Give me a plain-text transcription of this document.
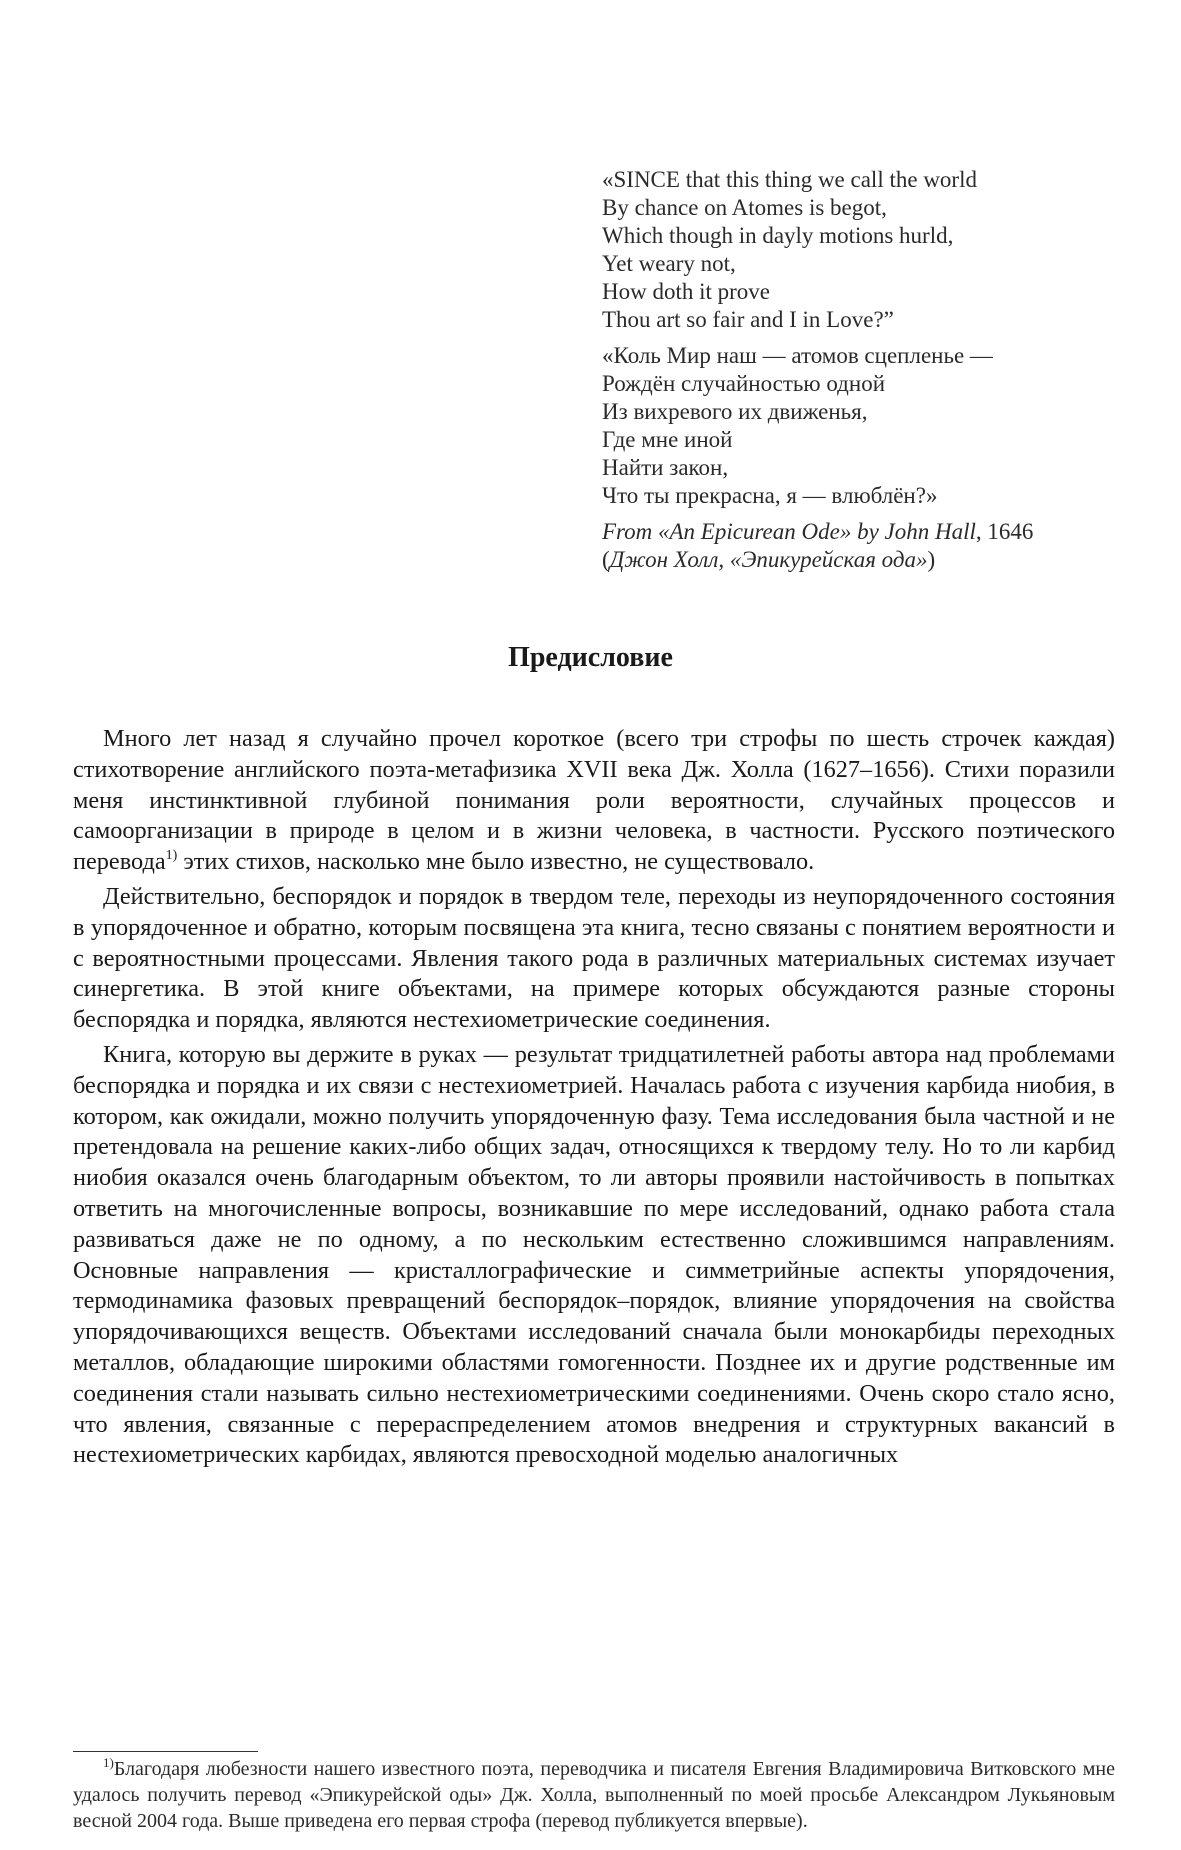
«SINCE that this thing we call the world
By chance on Atomes is begot,
Which though in dayly motions hurld,
Yet weary not,
How doth it prove
Thou art so fair and I in Love?”
«Коль Мир наш — атомов сцепленье —
Рождён случайностью одной
Из вихревого их движенья,
Где мне иной
Найти закон,
Что ты прекрасна, я — влюблён?»
From «An Epicurean Ode» by John Hall, 1646
(Джон Холл, «Эпикурейская ода»)
Предисловие

Много лет назад я случайно прочел короткое (всего три строфы по шесть строчек каждая) стихотворение английского поэта-метафизика XVII века Дж. Холла (1627–1656). Стихи поразили меня инстинктивной глубиной понимания роли вероятности, случайных процессов и самоорганизации в природе в целом и в жизни человека, в частности. Русского поэтического перевода$^{1)}$ этих стихов, насколько мне было известно, не существовало.

Действительно, беспорядок и порядок в твердом теле, переходы из неупорядоченного состояния в упорядоченное и обратно, которым посвящена эта книга, тесно связаны с понятием вероятности и с вероятностными процессами. Явления такого рода в различных материальных системах изучает синергетика. В этой книге объектами, на примере которых обсуждаются разные стороны беспорядка и порядка, являются нестехиометрические соединения.

Книга, которую вы держите в руках — результат тридцатилетней работы автора над проблемами беспорядка и порядка и их связи с нестехиометрией. Началась работа с изучения карбида ниобия, в котором, как ожидали, можно получить упорядоченную фазу. Тема исследования была частной и не претендовала на решение каких-либо общих задач, относящихся к твердому телу. Но то ли карбид ниобия оказался очень благодарным объектом, то ли авторы проявили настойчивость в попытках ответить на многочисленные вопросы, возникавшие по мере исследований, однако работа стала развиваться даже не по одному, а по нескольким естественно сложившимся направлениям. Основные направления — кристаллографические и симметрийные аспекты упорядочения, термодинамика фазовых превращений беспорядок–порядок, влияние упорядочения на свойства упорядочивающихся веществ. Объектами исследований сначала были монокарбиды переходных металлов, обладающие широкими областями гомогенности. Позднее их и другие родственные им соединения стали называть сильно нестехиометрическими соединениями. Очень скоро стало ясно, что явления, связанные с перераспределением атомов внедрения и структурных вакансий в нестехиометрических карбидах, являются превосходной моделью аналогичных

$^{1)}$Благодаря любезности нашего известного поэта, переводчика и писателя Евгения Владимировича Витковского мне удалось получить перевод «Эпикурейской оды» Дж. Холла, выполненный по моей просьбе Александром Лукьяновым весной 2004 года. Выше приведена его первая строфа (перевод публикуется впервые).
